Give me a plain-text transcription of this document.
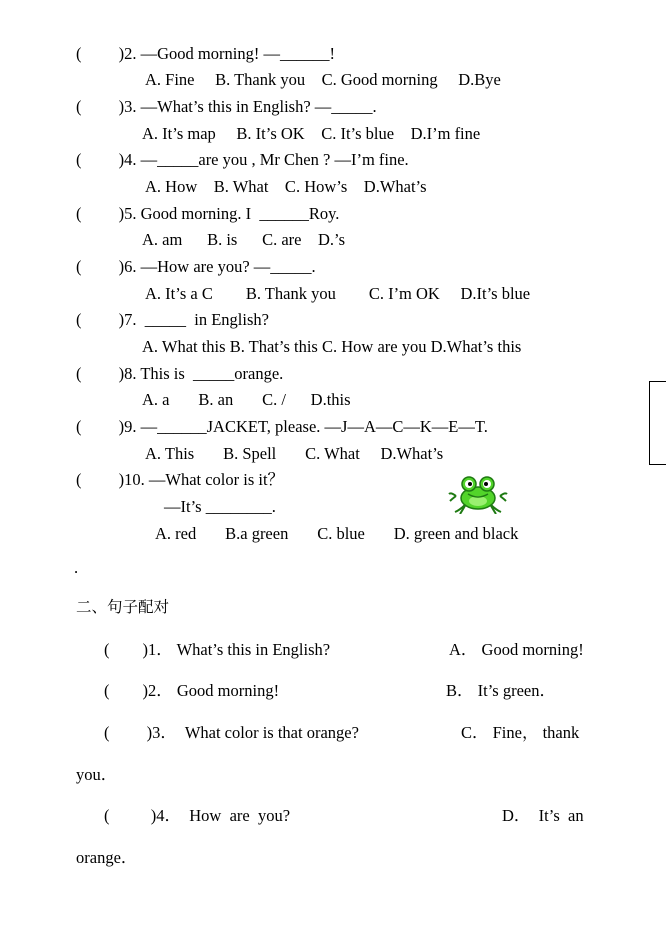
(         )2. —Good morning! —______!
A. Fine     B. Thank you    C. Good morning     D.Bye
(         )3. —What’s this in English? —_____.
A. It’s map     B. It’s OK    C. It’s blue    D.I’m fine
(         )4. —_____are you , Mr Chen ? —I’m fine.
A. How    B. What    C. How’s    D.What’s
(         )5. Good morning. I  ______Roy.
A. am      B. is      C. are    D.’s
(         )6. —How are you? —_____.
A. It’s a C        B. Thank you        C. I’m OK     D.It’s blue
(         )7.  _____  in English?
A. What this B. That’s this C. How are you D.What’s this
(         )8. This is  _____orange.
A. a       B. an       C. /      D.this
(         )9. —______JACKET, please. —J—A—C—K—E—T.
A. This       B. Spell       C. What     D.What’s
(         )10. —What color is it？
—It’s ________.
A. red       B.a green       C. blue       D. green and black
.
二、句子配对
(        )1． What’s this in English?	A． Good morning!
(        )2． Good morning!	B． It’s green．
(         )3．  What color is that orange?	C． Fine， thank
you．
(          )4．  How  are  you?	D．  It’s  an
orange．
